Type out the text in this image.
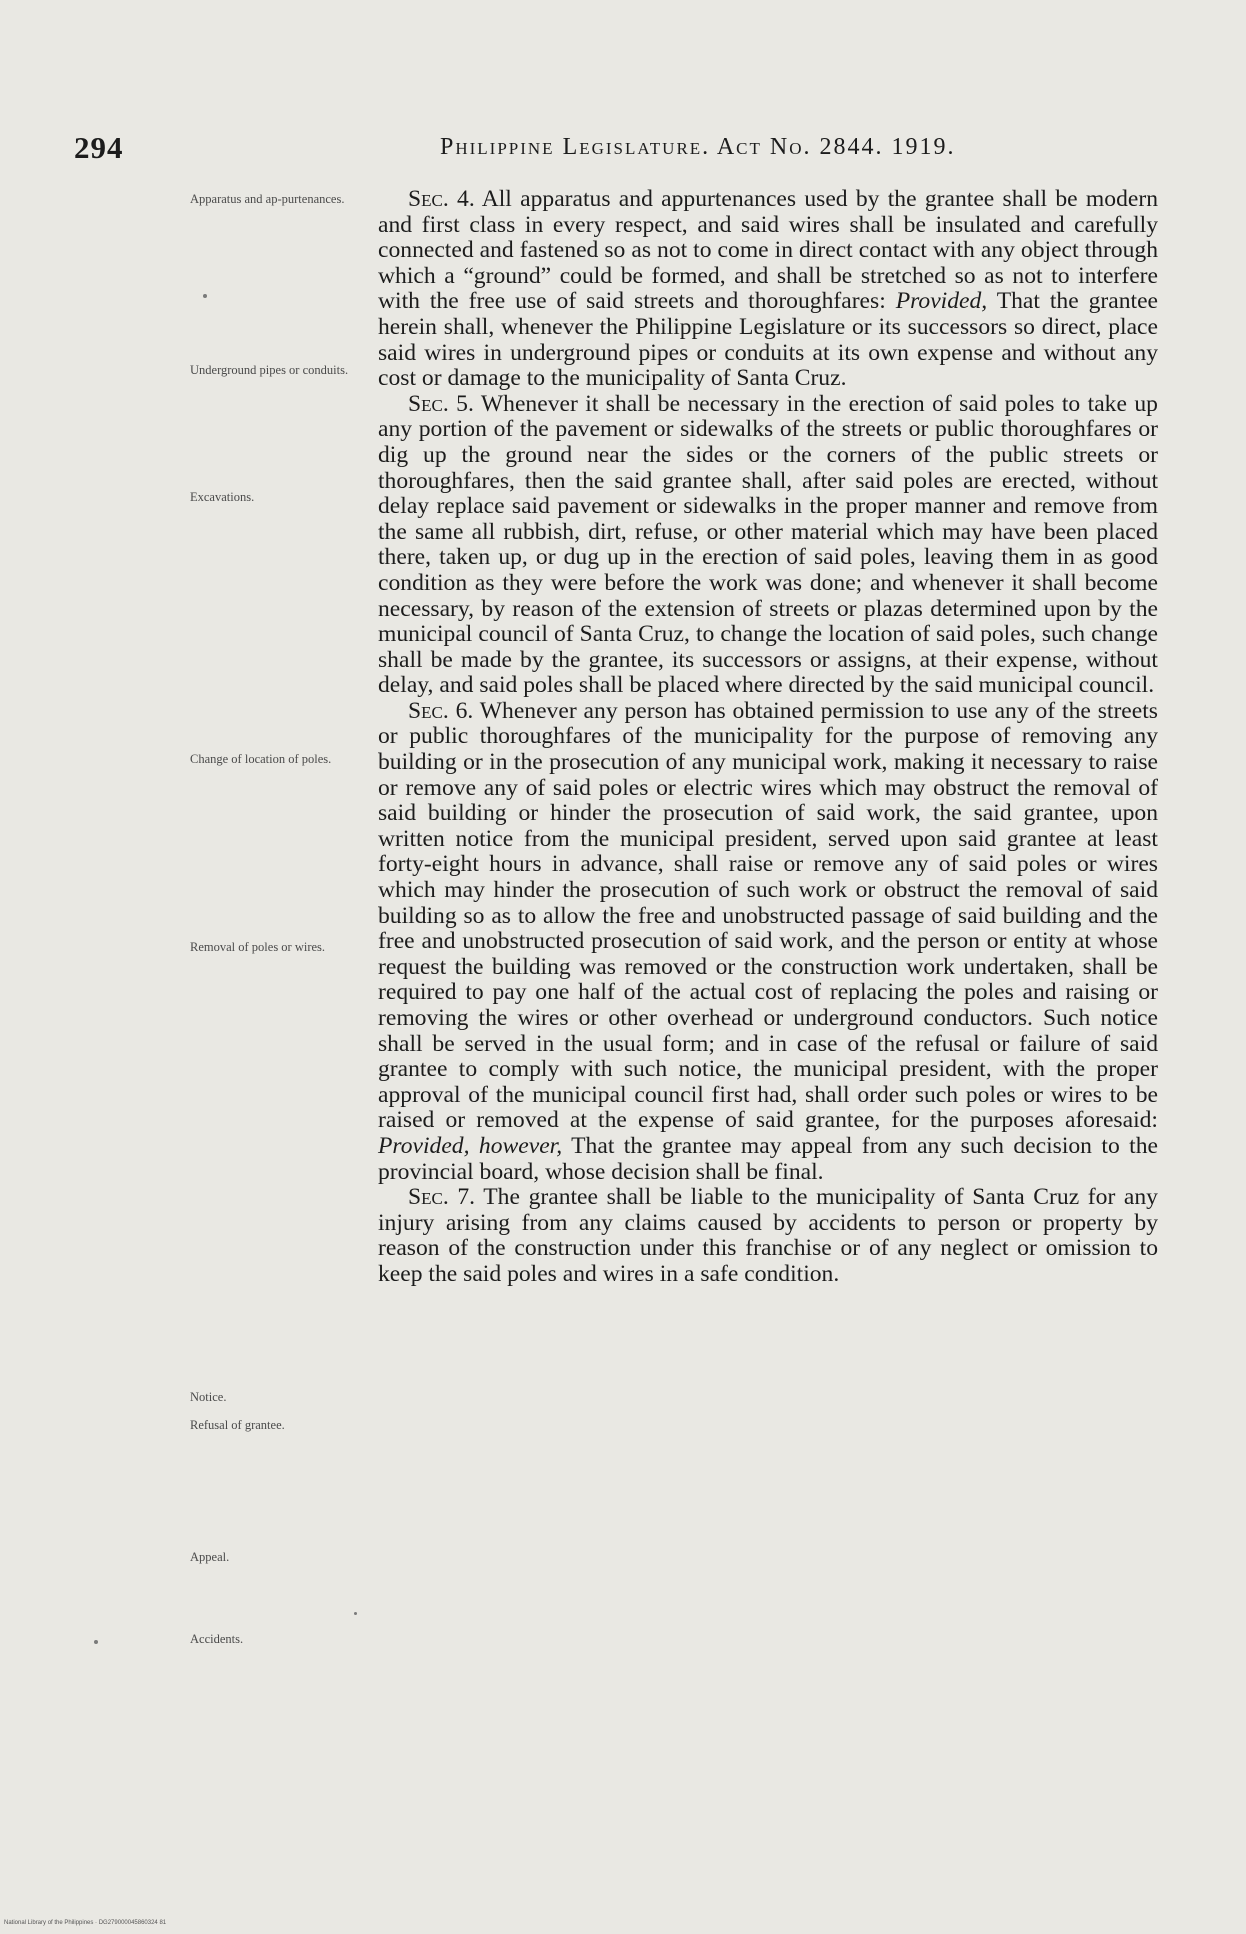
294	Philippine Legislature. Act No. 2844. 1919.
Apparatus and ap-purtenances.
Underground pipes or conduits.
Excavations.
Change of location of poles.
Removal of poles or wires.
Notice.
Refusal of grantee.
Appeal.
Accidents.

Sec. 4. All apparatus and appurtenances used by the grantee shall be modern and first class in every respect, and said wires shall be insulated and carefully connected and fastened so as not to come in direct contact with any object through which a “ground” could be formed, and shall be stretched so as not to interfere with the free use of said streets and thoroughfares: Provided, That the grantee herein shall, whenever the Philippine Legislature or its successors so direct, place said wires in underground pipes or conduits at its own expense and without any cost or damage to the municipality of Santa Cruz.

Sec. 5. Whenever it shall be necessary in the erection of said poles to take up any portion of the pavement or sidewalks of the streets or public thoroughfares or dig up the ground near the sides or the corners of the public streets or thoroughfares, then the said grantee shall, after said poles are erected, without delay replace said pavement or sidewalks in the proper manner and remove from the same all rubbish, dirt, refuse, or other material which may have been placed there, taken up, or dug up in the erection of said poles, leaving them in as good condition as they were before the work was done; and whenever it shall become necessary, by reason of the extension of streets or plazas determined upon by the municipal council of Santa Cruz, to change the location of said poles, such change shall be made by the grantee, its successors or assigns, at their expense, without delay, and said poles shall be placed where directed by the said municipal council.

Sec. 6. Whenever any person has obtained permission to use any of the streets or public thoroughfares of the municipality for the purpose of removing any building or in the prosecution of any municipal work, making it necessary to raise or remove any of said poles or electric wires which may obstruct the removal of said building or hinder the prosecution of said work, the said grantee, upon written notice from the municipal president, served upon said grantee at least forty-eight hours in advance, shall raise or remove any of said poles or wires which may hinder the prosecution of such work or obstruct the removal of said building so as to allow the free and unobstructed passage of said building and the free and unobstructed prosecution of said work, and the person or entity at whose request the building was removed or the construction work undertaken, shall be required to pay one half of the actual cost of replacing the poles and raising or removing the wires or other overhead or underground conductors. Such notice shall be served in the usual form; and in case of the refusal or failure of said grantee to comply with such notice, the municipal president, with the proper approval of the municipal council first had, shall order such poles or wires to be raised or removed at the expense of said grantee, for the purposes aforesaid: Provided, however, That the grantee may appeal from any such decision to the provincial board, whose decision shall be final.

Sec. 7. The grantee shall be liable to the municipality of Santa Cruz for any injury arising from any claims caused by accidents to person or property by reason of the construction under this franchise or of any neglect or omission to keep the said poles and wires in a safe condition.

National Library of the Philippines · DG279000045860324 81
